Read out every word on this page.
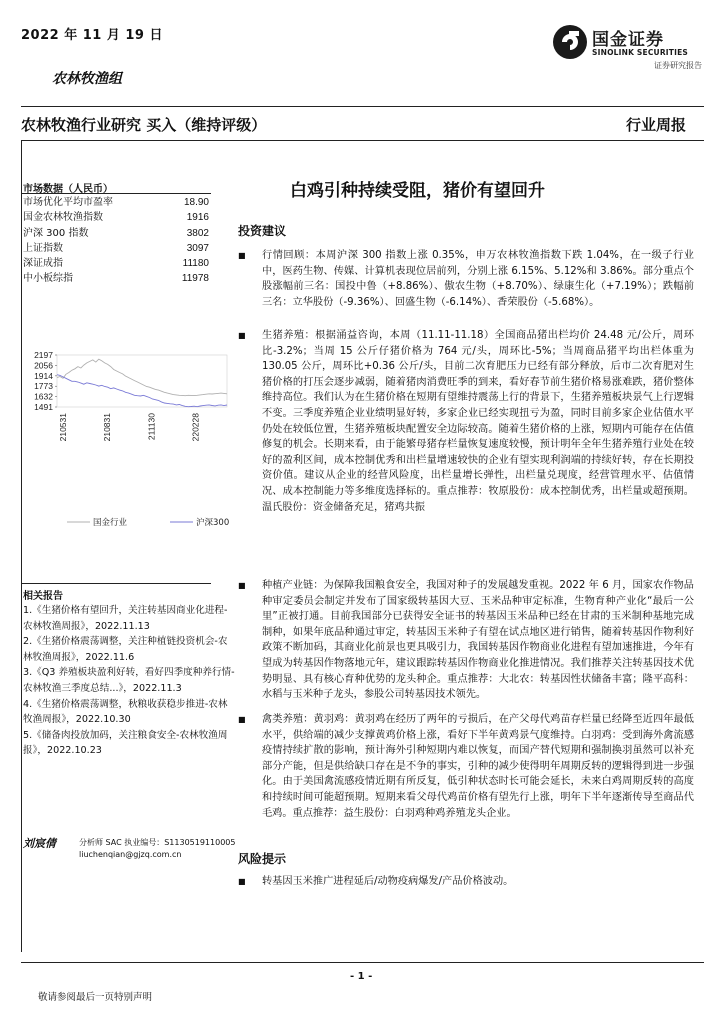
2022 年 11 月 19 日	国金证券
SINOLINK SECURITIES
证券研究报告
农林牧渔组
农林牧渔行业研究 买入（维持评级）	行业周报
市场数据（人民币）
市场优化平均市盈率	18.90
国金农林牧渔指数	1916
沪深 300 指数	3802
上证指数	3097
深证成指	11180
中小板综指	11978
2197
2056
1914
1773
1632
1491
210531	210831	211130	220228
国金行业	沪深300
相关报告
1.《生猪价格有望回升，关注转基因商业化进程-农林牧渔周报》，2022.11.13
2.《生猪价格震荡调整，关注种植链投资机会-农林牧渔周报》，2022.11.6
3.《Q3 养殖板块盈利好转，看好四季度种养行情-农林牧渔三季度总结...》，2022.11.3
4.《生猪价格震荡调整，秋粮收获稳步推进-农林牧渔周报》，2022.10.30
5.《储备肉投放加码，关注粮食安全-农林牧渔周报》，2022.10.23
刘宸倩	分析师 SAC 执业编号：S1130519110005
liuchenqian@gjzq.com.cn
白鸡引种持续受阻，猪价有望回升
投资建议
■ 行情回顾：本周沪深 300 指数上涨 0.35%，申万农林牧渔指数下跌 1.04%，在一级子行业中，医药生物、传媒、计算机表现位居前列，分别上涨 6.15%、5.12%和 3.86%。部分重点个股涨幅前三名：国投中鲁（+8.86%）、傲农生物（+8.70%）、绿康生化（+7.19%）；跌幅前三名：立华股份（-9.36%）、回盛生物（-6.14%）、香荣股份（-5.68%）。
■ 生猪养殖：根据涌益咨询，本周（11.11-11.18）全国商品猪出栏均价 24.48 元/公斤，周环比-3.2%；当周 15 公斤仔猪价格为 764 元/头，周环比-5%；当周商品猪平均出栏体重为 130.05 公斤，周环比+0.36 公斤/头，目前二次育肥压力已经有部分释放，后市二次育肥对生猪价格的打压会逐步减弱，随着猪肉消费旺季的到来，看好春节前生猪价格易涨难跌，猪价整体维持高位。我们认为在生猪价格在短期有望维持震荡上行的背景下，生猪养殖板块景气上行逻辑不变。三季度养殖企业业绩明显好转，多家企业已经实现扭亏为盈，同时目前多家企业估值水平仍处在较低位置，生猪养殖板块配置安全边际较高。随着生猪价格的上涨，短期内可能存在估值修复的机会。长期来看，由于能繁母猪存栏量恢复速度较慢，预计明年全年生猪养殖行业处在较好的盈利区间，成本控制优秀和出栏量增速较快的企业有望实现利润端的持续好转，存在长期投资价值。建议从企业的经营风险度，出栏量增长弹性，出栏量兑现度，经营管理水平、估值情况、成本控制能力等多维度选择标的。重点推荐：牧原股份：成本控制优秀，出栏量或超预期。温氏股份：资金储备充足，猪鸡共振
■ 种植产业链：为保障我国粮食安全，我国对种子的发展越发重视。2022 年 6 月，国家农作物品种审定委员会制定并发布了国家级转基因大豆、玉米品种审定标准，生物育种产业化“最后一公里”正被打通。目前我国部分已获得安全证书的转基因玉米品种已经在甘肃的玉米制种基地完成制种，如果年底品种通过审定，转基因玉米种子有望在试点地区进行销售，随着转基因作物利好政策不断加码，其商业化前景也更具吸引力，我国转基因作物商业化进程有望加速推进，今年有望成为转基因作物落地元年，建议跟踪转基因作物商业化推进情况。我们推荐关注转基因技术优势明显、具有核心育种优势的龙头种企。重点推荐：大北农：转基因性状储备丰富；隆平高科：水稻与玉米种子龙头，参股公司转基因技术领先。
■ 禽类养殖：黄羽鸡：黄羽鸡在经历了两年的亏损后，在产父母代鸡苗存栏量已经降至近四年最低水平，供给端的减少支撑黄鸡价格上涨，看好下半年黄鸡景气度维持。白羽鸡：受到海外禽流感疫情持续扩散的影响，预计海外引种短期内难以恢复，而国产替代短期和强制换羽虽然可以补充部分产能，但是供给缺口存在是不争的事实，引种的减少使得明年周期反转的逻辑得到进一步强化。由于美国禽流感疫情近期有所反复，低引种状态时长可能会延长，未来白鸡周期反转的高度和持续时间可能超预期。短期来看父母代鸡苗价格有望先行上涨，明年下半年逐渐传导至商品代毛鸡。重点推荐：益生股份：白羽鸡种鸡养殖龙头企业。
风险提示
■ 转基因玉米推广进程延后/动物疫病爆发/产品价格波动。
- 1 -
敬请参阅最后一页特别声明
